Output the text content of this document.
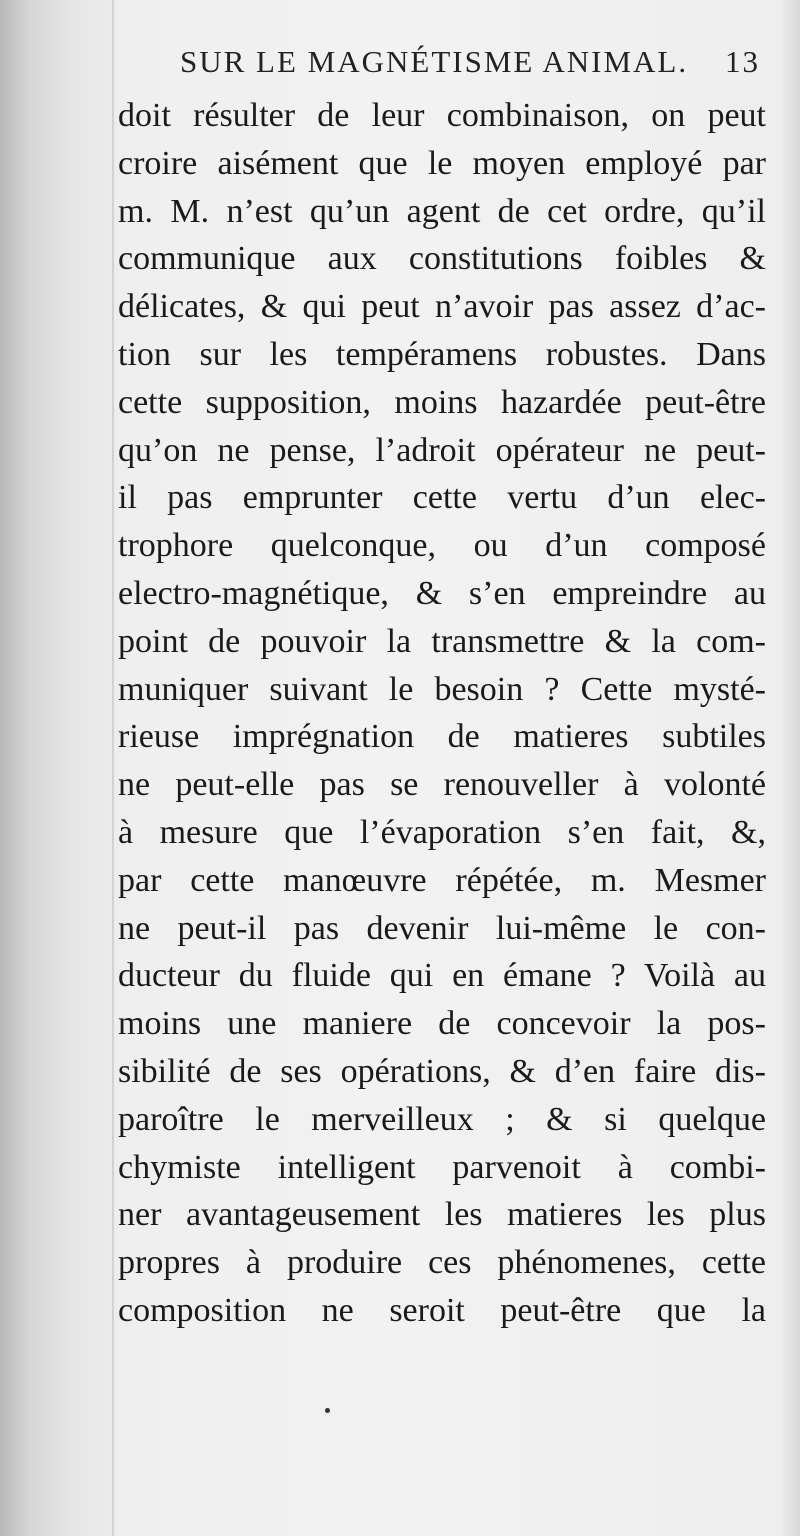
SUR LE MAGNÉTISME ANIMAL. 13
doit résulter de leur combinaison, on peut
croire aisément que le moyen employé par
m. M. n’est qu’un agent de cet ordre, qu’il
communique aux constitutions foibles &
délicates, & qui peut n’avoir pas assez d’ac-
tion sur les tempéramens robustes. Dans
cette supposition, moins hazardée peut-être
qu’on ne pense, l’adroit opérateur ne peut-
il pas emprunter cette vertu d’un elec-
trophore quelconque, ou d’un composé
electro-magnétique, & s’en empreindre au
point de pouvoir la transmettre & la com-
muniquer suivant le besoin ? Cette mysté-
rieuse imprégnation de matieres subtiles
ne peut-elle pas se renouveller à volonté
à mesure que l’évaporation s’en fait, &,
par cette manœuvre répétée, m. Mesmer
ne peut-il pas devenir lui-même le con-
ducteur du fluide qui en émane ? Voilà au
moins une maniere de concevoir la pos-
sibilité de ses opérations, & d’en faire dis-
paroître le merveilleux ; & si quelque
chymiste intelligent parvenoit à combi-
ner avantageusement les matieres les plus
propres à produire ces phénomenes, cette
composition ne seroit peut-être que la
